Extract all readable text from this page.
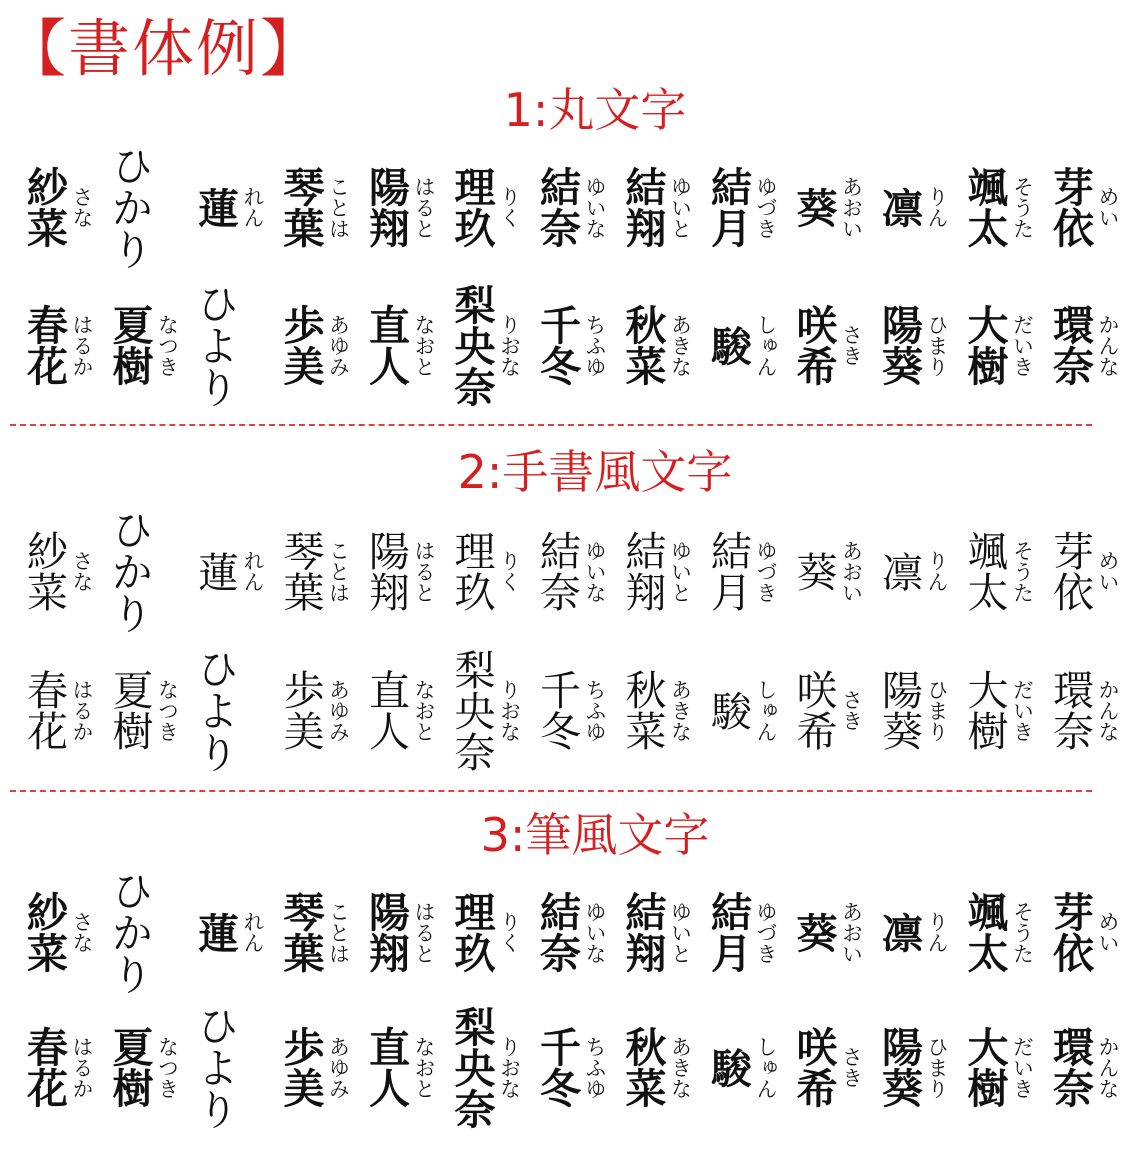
【書体例】
1:丸文字
紗菜 さな ひかり 蓮 れん 琴葉 ことは 陽翔 はると 理玖 りく 結奈 ゆいな 結翔 ゆいと 結月 ゆづき 葵 あおい 凛 りん 颯太 そうた 芽依 めい
春花 はるか 夏樹 なつき ひより 歩美 あゆみ 直人 なおと 梨央奈 りおな 千冬 ちふゆ 秋菜 あきな 駿 しゅん 咲希 さき 陽葵 ひまり 大樹 だいき 環奈 かんな
2:手書風文字
紗菜 さな ひかり 蓮 れん 琴葉 ことは 陽翔 はると 理玖 りく 結奈 ゆいな 結翔 ゆいと 結月 ゆづき 葵 あおい 凛 りん 颯太 そうた 芽依 めい
春花 はるか 夏樹 なつき ひより 歩美 あゆみ 直人 なおと 梨央奈 りおな 千冬 ちふゆ 秋菜 あきな 駿 しゅん 咲希 さき 陽葵 ひまり 大樹 だいき 環奈 かんな
3:筆風文字
紗菜 さな ひかり 蓮 れん 琴葉 ことは 陽翔 はると 理玖 りく 結奈 ゆいな 結翔 ゆいと 結月 ゆづき 葵 あおい 凛 りん 颯太 そうた 芽依 めい
春花 はるか 夏樹 なつき ひより 歩美 あゆみ 直人 なおと 梨央奈 りおな 千冬 ちふゆ 秋菜 あきな 駿 しゅん 咲希 さき 陽葵 ひまり 大樹 だいき 環奈 かんな
